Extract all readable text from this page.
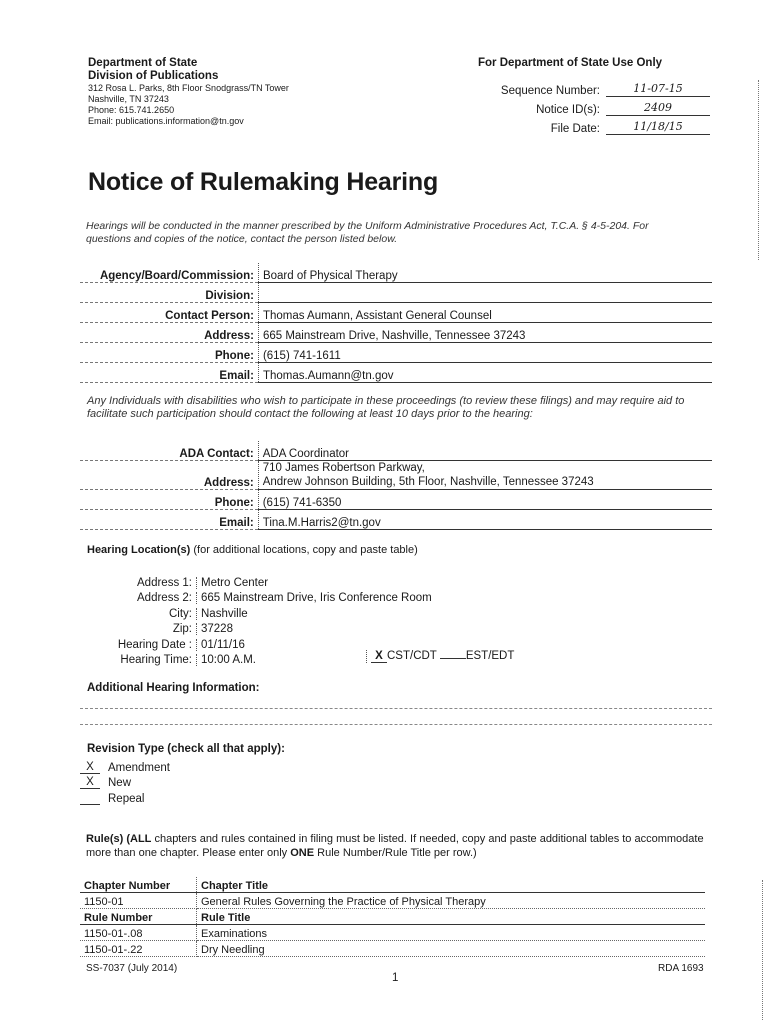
Department of State
Division of Publications
312 Rosa L. Parks, 8th Floor Snodgrass/TN Tower
Nashville, TN 37243
Phone: 615.741.2650
Email: publications.information@tn.gov
For Department of State Use Only
Sequence Number:	11-07-15
Notice ID(s):	2409
File Date:	11/18/15
Notice of Rulemaking Hearing
Hearings will be conducted in the manner prescribed by the Uniform Administrative Procedures Act, T.C.A. § 4-5-204. For questions and copies of the notice, contact the person listed below.
Agency/Board/Commission:	Board of Physical Therapy
Division:	
Contact Person:	Thomas Aumann, Assistant General Counsel
Address:	665 Mainstream Drive, Nashville, Tennessee 37243
Phone:	(615) 741-1611
Email:	Thomas.Aumann@tn.gov
Any Individuals with disabilities who wish to participate in these proceedings (to review these filings) and may require aid to facilitate such participation should contact the following at least 10 days prior to the hearing:
ADA Contact:	ADA Coordinator
Address:	710 James Robertson Parkway,
Andrew Johnson Building, 5th Floor, Nashville, Tennessee 37243

Phone:	(615) 741-6350
Email:	Tina.M.Harris2@tn.gov
Hearing Location(s) (for additional locations, copy and paste table)
Address 1: Metro Center
Address 2: 665 Mainstream Drive, Iris Conference Room
City: Nashville
Zip: 37228
Hearing Date : 01/11/16
Hearing Time: 10:00 A.M.	X CST/CDT	EST/EDT
Additional Hearing Information:
Revision Type (check all that apply):
X	Amendment
X	New
Repeal
Rule(s) (ALL chapters and rules contained in filing must be listed. If needed, copy and paste additional tables to accommodate more than one chapter. Please enter only ONE Rule Number/Rule Title per row.)
Chapter Number	Chapter Title
1150-01	General Rules Governing the Practice of Physical Therapy
Rule Number	Rule Title
1150-01-.08	Examinations
1150-01-.22	Dry Needling
SS-7037 (July 2014)
1
RDA 1693
